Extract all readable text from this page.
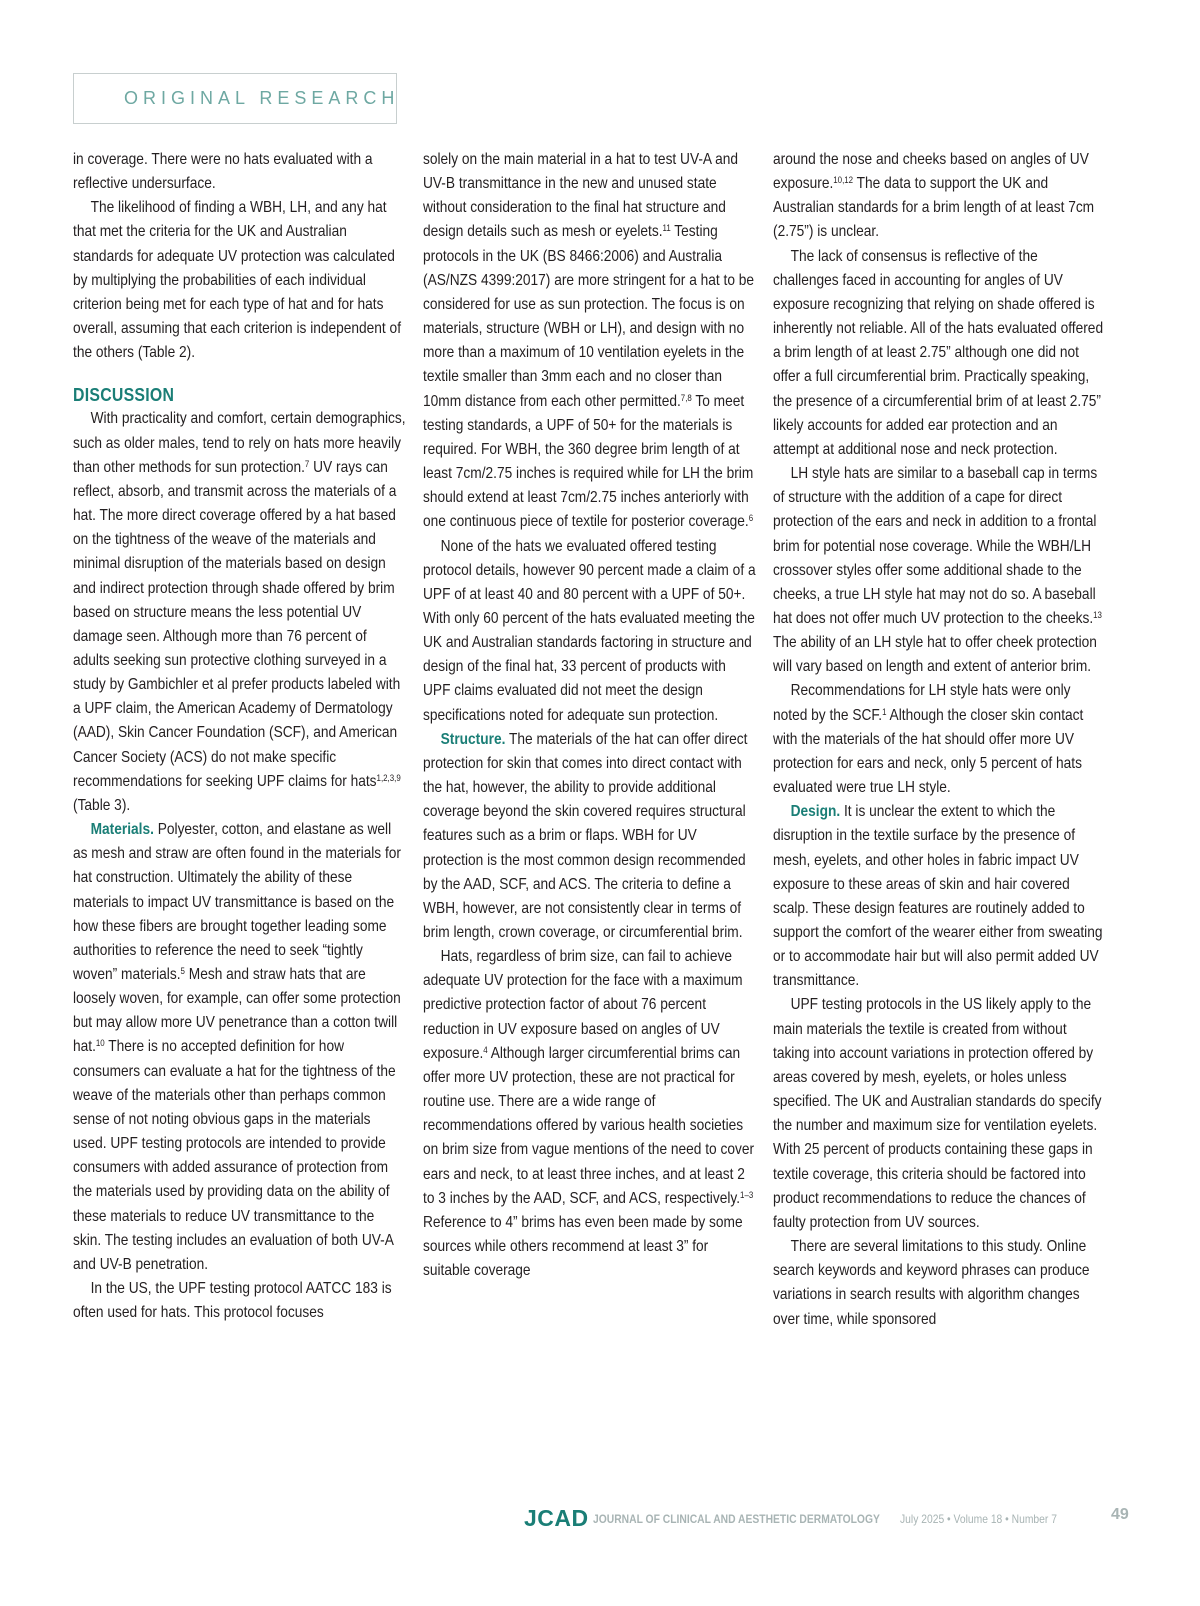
ORIGINAL RESEARCH

in coverage. There were no hats evaluated with a reflective undersurface.

The likelihood of finding a WBH, LH, and any hat that met the criteria for the UK and Australian standards for adequate UV protection was calculated by multiplying the probabilities of each individual criterion being met for each type of hat and for hats overall, assuming that each criterion is independent of the others (Table 2).

DISCUSSION

With practicality and comfort, certain demographics, such as older males, tend to rely on hats more heavily than other methods for sun protection.$^7$ UV rays can reflect, absorb, and transmit across the materials of a hat. The more direct coverage offered by a hat based on the tightness of the weave of the materials and minimal disruption of the materials based on design and indirect protection through shade offered by brim based on structure means the less potential UV damage seen. Although more than 76 percent of adults seeking sun protective clothing surveyed in a study by Gambichler et al prefer products labeled with a UPF claim, the American Academy of Dermatology (AAD), Skin Cancer Foundation (SCF), and American Cancer Society (ACS) do not make specific recommendations for seeking UPF claims for hats$^{1,2,3,9}$ (Table 3).

Materials. Polyester, cotton, and elastane as well as mesh and straw are often found in the materials for hat construction. Ultimately the ability of these materials to impact UV transmittance is based on the how these fibers are brought together leading some authorities to reference the need to seek “tightly woven” materials.$^5$ Mesh and straw hats that are loosely woven, for example, can offer some protection but may allow more UV penetrance than a cotton twill hat.$^{10}$ There is no accepted definition for how consumers can evaluate a hat for the tightness of the weave of the materials other than perhaps common sense of not noting obvious gaps in the materials used. UPF testing protocols are intended to provide consumers with added assurance of protection from the materials used by providing data on the ability of these materials to reduce UV transmittance to the skin. The testing includes an evaluation of both UV-A and UV-B penetration.

In the US, the UPF testing protocol AATCC 183 is often used for hats. This protocol focuses

solely on the main material in a hat to test UV-A and UV-B transmittance in the new and unused state without consideration to the final hat structure and design details such as mesh or eyelets.$^{11}$ Testing protocols in the UK (BS 8466:2006) and Australia (AS/NZS 4399:2017) are more stringent for a hat to be considered for use as sun protection. The focus is on materials, structure (WBH or LH), and design with no more than a maximum of 10 ventilation eyelets in the textile smaller than 3mm each and no closer than 10mm distance from each other permitted.$^{7,8}$ To meet testing standards, a UPF of 50+ for the materials is required. For WBH, the 360 degree brim length of at least 7cm/2.75 inches is required while for LH the brim should extend at least 7cm/2.75 inches anteriorly with one continuous piece of textile for posterior coverage.$^6$

None of the hats we evaluated offered testing protocol details, however 90 percent made a claim of a UPF of at least 40 and 80 percent with a UPF of 50+. With only 60 percent of the hats evaluated meeting the UK and Australian standards factoring in structure and design of the final hat, 33 percent of products with UPF claims evaluated did not meet the design specifications noted for adequate sun protection.

Structure. The materials of the hat can offer direct protection for skin that comes into direct contact with the hat, however, the ability to provide additional coverage beyond the skin covered requires structural features such as a brim or flaps. WBH for UV protection is the most common design recommended by the AAD, SCF, and ACS. The criteria to define a WBH, however, are not consistently clear in terms of brim length, crown coverage, or circumferential brim.

Hats, regardless of brim size, can fail to achieve adequate UV protection for the face with a maximum predictive protection factor of about 76 percent reduction in UV exposure based on angles of UV exposure.$^4$ Although larger circumferential brims can offer more UV protection, these are not practical for routine use. There are a wide range of recommendations offered by various health societies on brim size from vague mentions of the need to cover ears and neck, to at least three inches, and at least 2 to 3 inches by the AAD, SCF, and ACS, respectively.$^{1-3}$ Reference to 4” brims has even been made by some sources while others recommend at least 3” for suitable coverage

around the nose and cheeks based on angles of UV exposure.$^{10,12}$ The data to support the UK and Australian standards for a brim length of at least 7cm (2.75”) is unclear.

The lack of consensus is reflective of the challenges faced in accounting for angles of UV exposure recognizing that relying on shade offered is inherently not reliable. All of the hats evaluated offered a brim length of at least 2.75” although one did not offer a full circumferential brim. Practically speaking, the presence of a circumferential brim of at least 2.75” likely accounts for added ear protection and an attempt at additional nose and neck protection.

LH style hats are similar to a baseball cap in terms of structure with the addition of a cape for direct protection of the ears and neck in addition to a frontal brim for potential nose coverage. While the WBH/LH crossover styles offer some additional shade to the cheeks, a true LH style hat may not do so. A baseball hat does not offer much UV protection to the cheeks.$^{13}$ The ability of an LH style hat to offer cheek protection will vary based on length and extent of anterior brim.

Recommendations for LH style hats were only noted by the SCF.$^1$ Although the closer skin contact with the materials of the hat should offer more UV protection for ears and neck, only 5 percent of hats evaluated were true LH style.

Design. It is unclear the extent to which the disruption in the textile surface by the presence of mesh, eyelets, and other holes in fabric impact UV exposure to these areas of skin and hair covered scalp. These design features are routinely added to support the comfort of the wearer either from sweating or to accommodate hair but will also permit added UV transmittance.

UPF testing protocols in the US likely apply to the main materials the textile is created from without taking into account variations in protection offered by areas covered by mesh, eyelets, or holes unless specified. The UK and Australian standards do specify the number and maximum size for ventilation eyelets. With 25 percent of products containing these gaps in textile coverage, this criteria should be factored into product recommendations to reduce the chances of faulty protection from UV sources.

There are several limitations to this study. Online search keywords and keyword phrases can produce variations in search results with algorithm changes over time, while sponsored

JCAD JOURNAL OF CLINICAL AND AESTHETIC DERMATOLOGY July 2025 • Volume 18 • Number 7	49
